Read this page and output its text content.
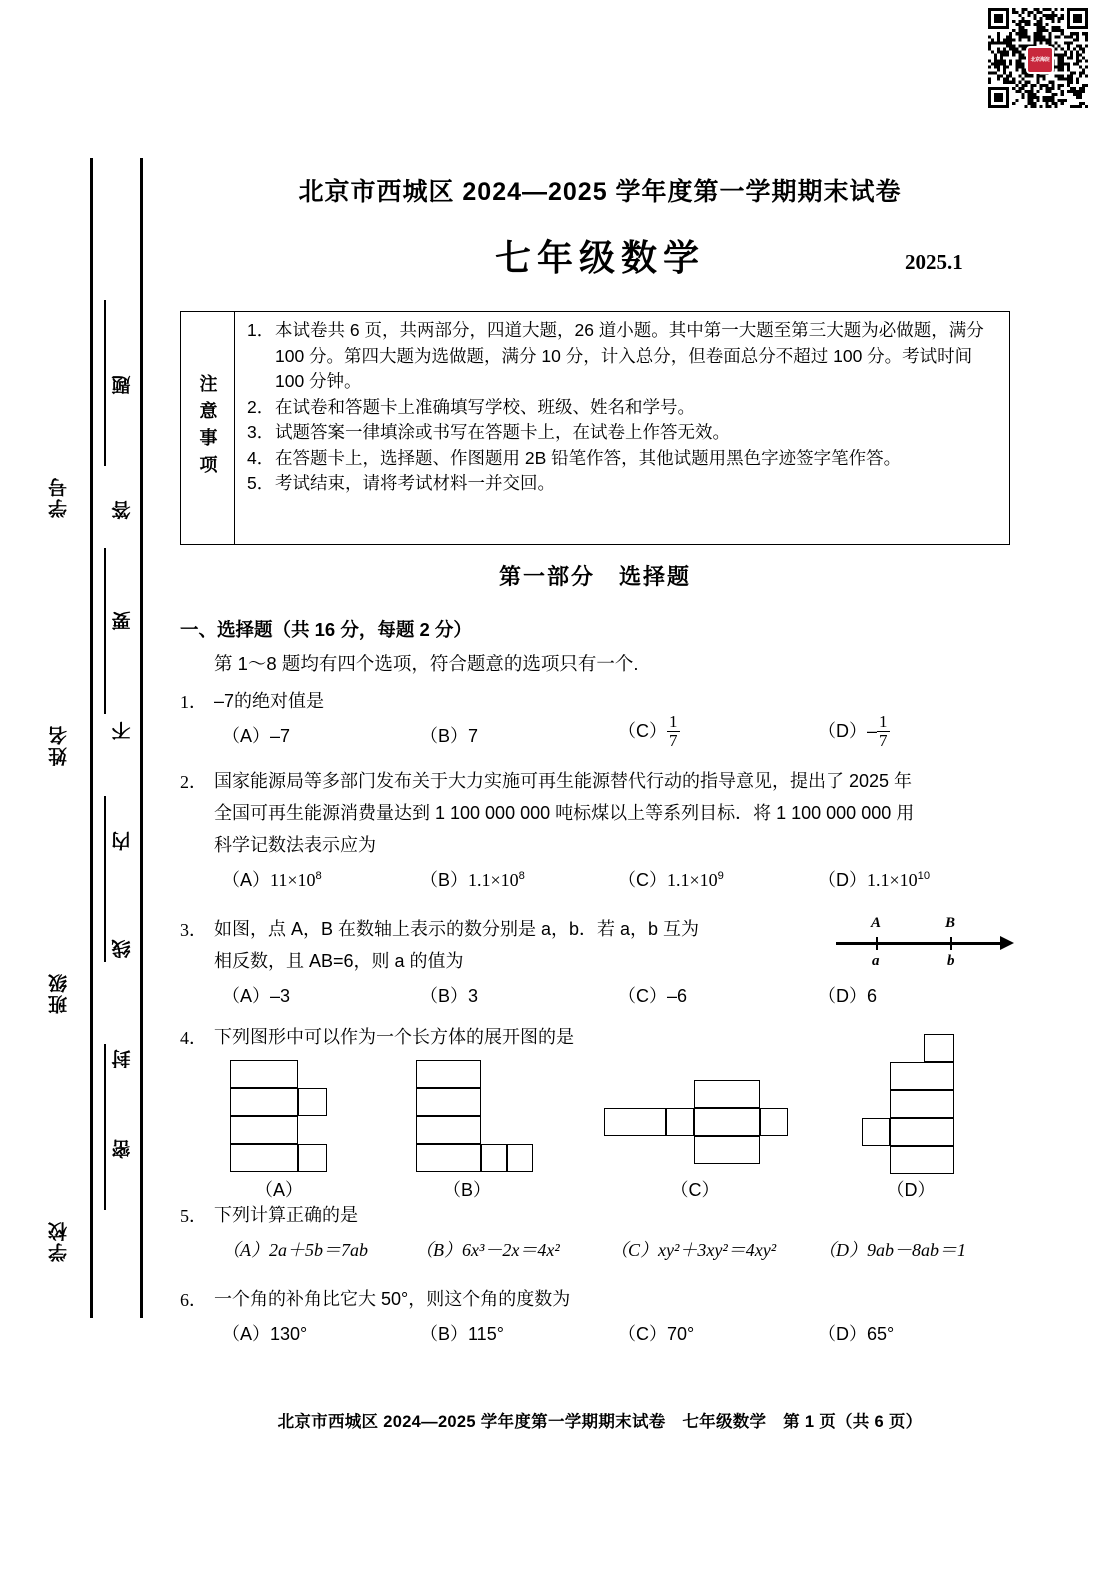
北京海淀
题
答
要
不
内
线
封
密
学号
姓名
班级
学校
北京市西城区 2024—2025 学年度第一学期期末试卷
七年级数学	2025.1
注意事项
1． 本试卷共 6 页，共两部分，四道大题，26 道小题。其中第一大题至第三大题为必做题，满分 100 分。第四大题为选做题，满分 10 分，计入总分，但卷面总分不超过 100 分。考试时间 100 分钟。
2． 在试卷和答题卡上准确填写学校、班级、姓名和学号。
3． 试题答案一律填涂或书写在答题卡上，在试卷上作答无效。
4． 在答题卡上，选择题、作图题用 2B 铅笔作答，其他试题用黑色字迹签字笔作答。
5． 考试结束，请将考试材料一并交回。
第一部分　选择题
一、选择题（共 16 分，每题 2 分）
第 1～8 题均有四个选项，符合题意的选项只有一个.
1． –7的绝对值是
（A）–7	（B）7	$(C) \frac{1}{7}$	$(D)- \frac{1}{7}$
2． 国家能源局等多部门发布关于大力实施可再生能源替代行动的指导意见，提出了 2025 年
全国可再生能源消费量达到 1 100 000 000 吨标煤以上等系列目标．将 1 100 000 000 用
科学记数法表示应为
$(A)11\times 10^8$	$(B)1.1\times 10^8$	$(C)1.1\times 10^9$	$(D)1.1\times 10^{10}$
3． 如图，点 A，B 在数轴上表示的数分别是 a，b．若 a，b 互为
相反数，且 AB=6，则 a 的值为
（A）–3	（B）3	（C）–6	（D）6
A
a
B
b
4． 下列图形中可以作为一个长方体的展开图的是
（A）	（B）	（C）	（D）
5． 下列计算正确的是
（A）2a＋5b＝7ab	（B）6x³－2x＝4x²	（C）xy²＋3xy²＝4xy² （D）9ab－8ab＝1
6． 一个角的补角比它大 50°，则这个角的度数为
（A）130°	（B）115°	（C）70°	（D）65°
北京市西城区 2024—2025 学年度第一学期期末试卷　七年级数学　第 1 页（共 6 页）
